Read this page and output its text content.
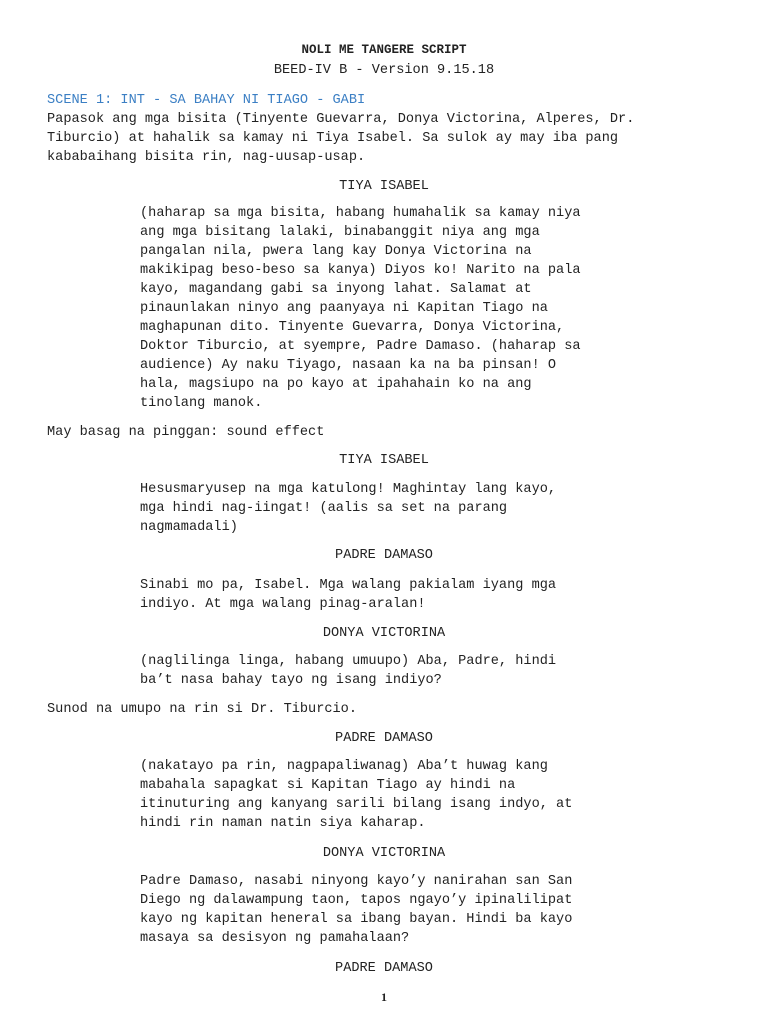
NOLI ME TANGERE SCRIPT
BEED-IV B - Version 9.15.18
SCENE 1: INT - SA BAHAY NI TIAGO - GABI
Papasok ang mga bisita (Tinyente Guevarra, Donya Victorina, Alperes, Dr.
Tiburcio) at hahalik sa kamay ni Tiya Isabel. Sa sulok ay may iba pang
kababaihang bisita rin, nag-uusap-usap.
TIYA ISABEL
(haharap sa mga bisita, habang humahalik sa kamay niya
ang mga bisitang lalaki, binabanggit niya ang mga
pangalan nila, pwera lang kay Donya Victorina na
makikipag beso-beso sa kanya) Diyos ko! Narito na pala
kayo, magandang gabi sa inyong lahat. Salamat at
pinaunlakan ninyo ang paanyaya ni Kapitan Tiago na
maghapunan dito. Tinyente Guevarra, Donya Victorina,
Doktor Tiburcio, at syempre, Padre Damaso. (haharap sa
audience) Ay naku Tiyago, nasaan ka na ba pinsan! O
hala, magsiupo na po kayo at ipahahain ko na ang
tinolang manok.
May basag na pinggan: sound effect
TIYA ISABEL
Hesusmaryusep na mga katulong! Maghintay lang kayo,
mga hindi nag-iingat! (aalis sa set na parang
nagmamadali)
PADRE DAMASO
Sinabi mo pa, Isabel. Mga walang pakialam iyang mga
indiyo. At mga walang pinag-aralan!
DONYA VICTORINA
(naglilinga linga, habang umuupo) Aba, Padre, hindi
ba’t nasa bahay tayo ng isang indiyo?
Sunod na umupo na rin si Dr. Tiburcio.
PADRE DAMASO
(nakatayo pa rin, nagpapaliwanag) Aba’t huwag kang
mabahala sapagkat si Kapitan Tiago ay hindi na
itinuturing ang kanyang sarili bilang isang indyo, at
hindi rin naman natin siya kaharap.
DONYA VICTORINA
Padre Damaso, nasabi ninyong kayo’y nanirahan san San
Diego ng dalawampung taon, tapos ngayo’y ipinalilipat
kayo ng kapitan heneral sa ibang bayan. Hindi ba kayo
masaya sa desisyon ng pamahalaan?
PADRE DAMASO
1
